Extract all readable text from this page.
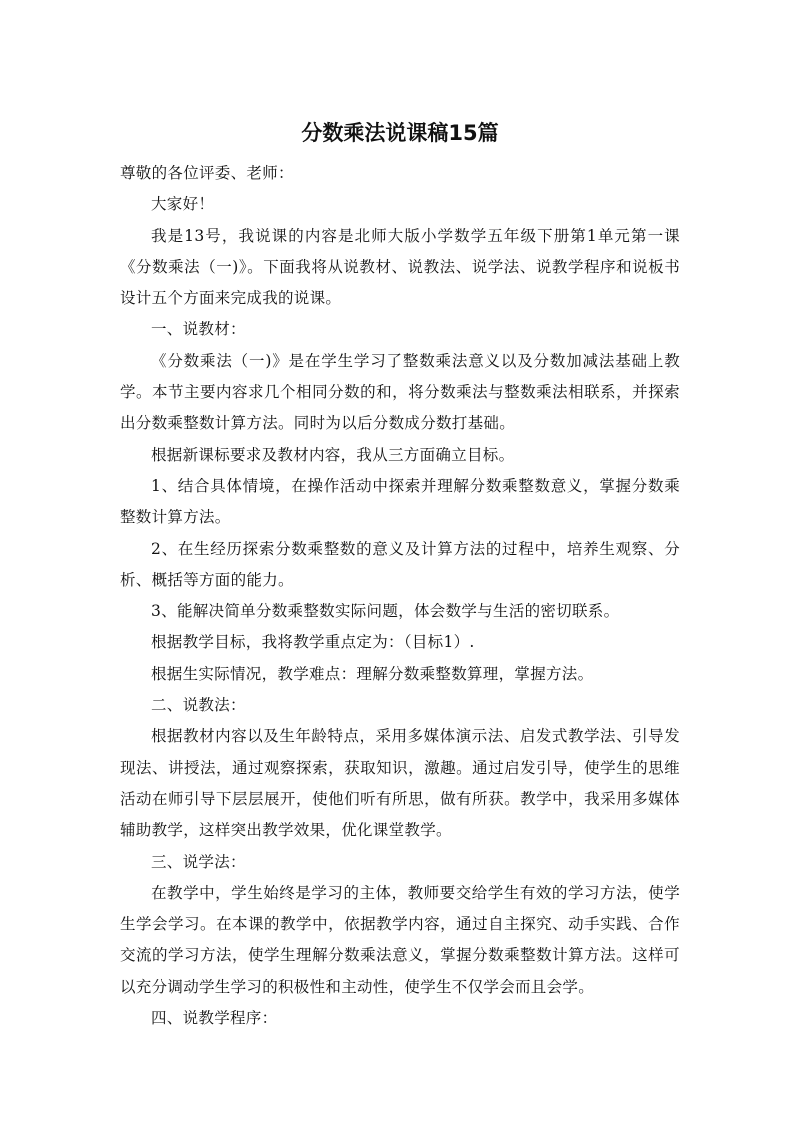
分数乘法说课稿15篇

尊敬的各位评委、老师：

大家好！

我是13号，我说课的内容是北师大版小学数学五年级下册第1单元第一课《分数乘法（一)》。下面我将从说教材、说教法、说学法、说教学程序和说板书设计五个方面来完成我的说课。

一、说教材：

《分数乘法（一)》是在学生学习了整数乘法意义以及分数加减法基础上教学。本节主要内容求几个相同分数的和，将分数乘法与整数乘法相联系，并探索出分数乘整数计算方法。同时为以后分数成分数打基础。

根据新课标要求及教材内容，我从三方面确立目标。

1、结合具体情境，在操作活动中探索并理解分数乘整数意义，掌握分数乘整数计算方法。

2、在生经历探索分数乘整数的意义及计算方法的过程中，培养生观察、分析、概括等方面的能力。

3、能解决简单分数乘整数实际问题，体会数学与生活的密切联系。

根据教学目标，我将教学重点定为：（目标1）.

根据生实际情况，教学难点：理解分数乘整数算理，掌握方法。

二、说教法：

根据教材内容以及生年龄特点，采用多媒体演示法、启发式教学法、引导发现法、讲授法，通过观察探索，获取知识，激趣。通过启发引导，使学生的思维活动在师引导下层层展开，使他们听有所思，做有所获。教学中，我采用多媒体辅助教学，这样突出教学效果，优化课堂教学。

三、说学法：

在教学中，学生始终是学习的主体，教师要交给学生有效的学习方法，使学生学会学习。在本课的教学中，依据教学内容，通过自主探究、动手实践、合作交流的学习方法，使学生理解分数乘法意义，掌握分数乘整数计算方法。这样可以充分调动学生学习的积极性和主动性，使学生不仅学会而且会学。

四、说教学程序：
